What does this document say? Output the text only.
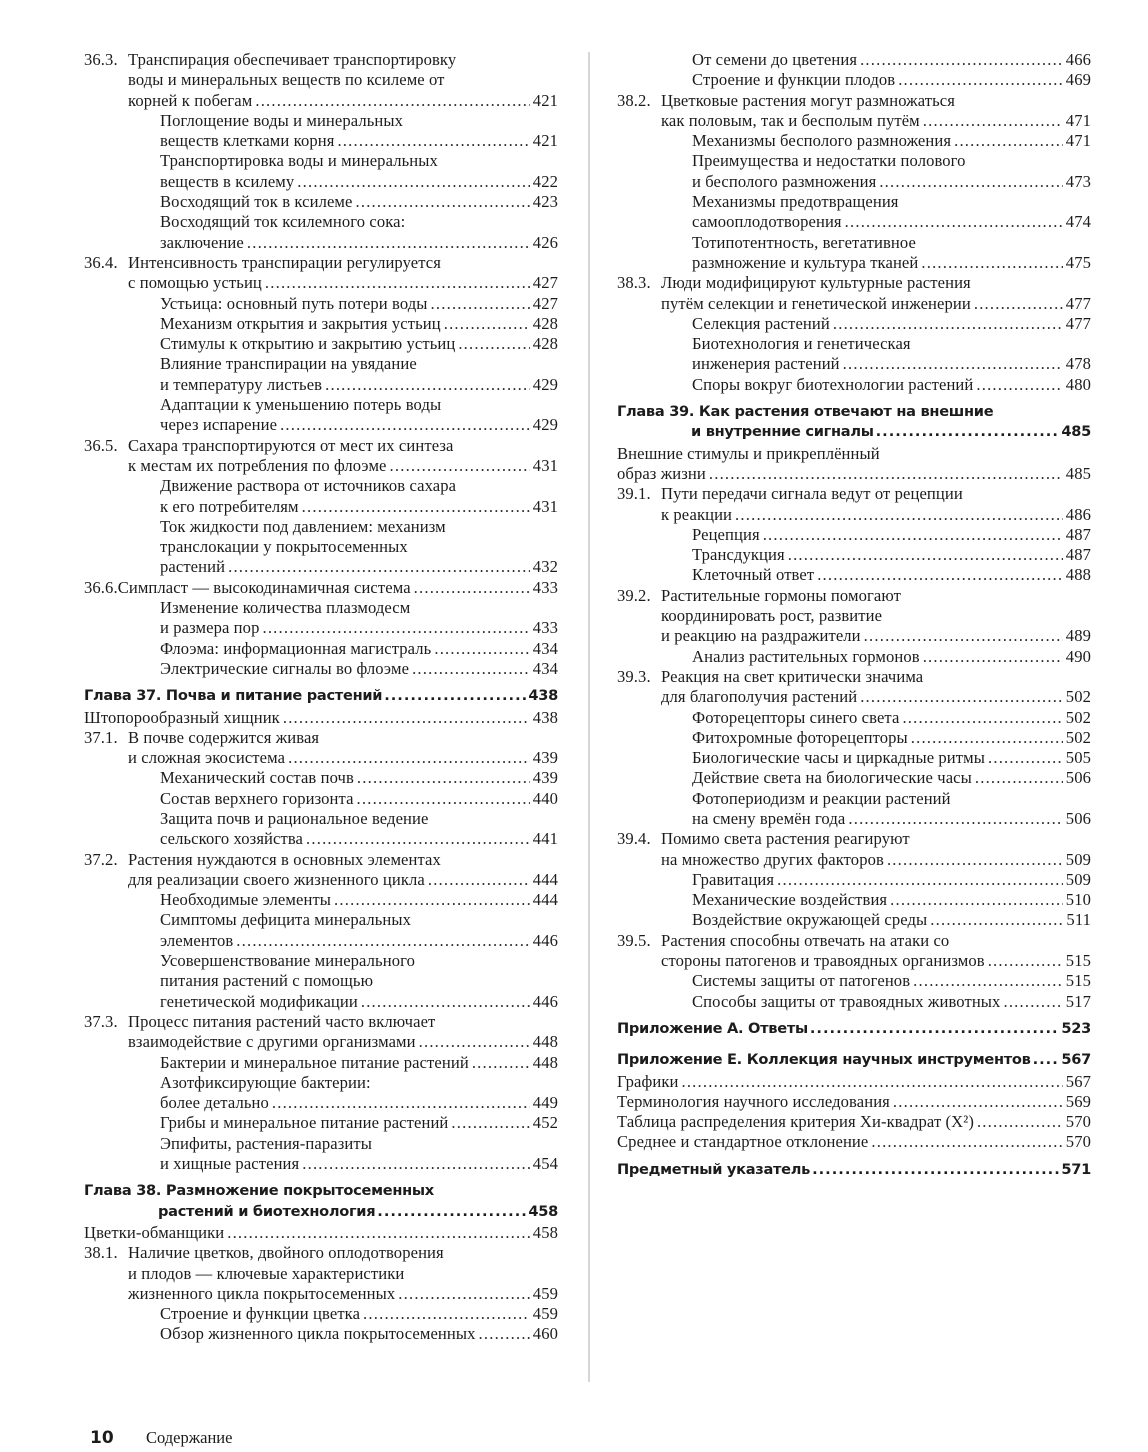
36.3. Транспирация обеспечивает транспортировку
воды и минеральных веществ по ксилеме от
корней к побегам .....	421
Поглощение воды и минеральных
веществ клетками корня .....	421
Транспортировка воды и минеральных
веществ в ксилему .....	422
Восходящий ток в ксилеме .....	423
Восходящий ток ксилемного сока:
заключение .....	426
36.4. Интенсивность транспирации регулируется
с помощью устьиц .....	427
Устьица: основный путь потери воды .....	427
Механизм открытия и закрытия устьиц .....	428
Стимулы к открытию и закрытию устьиц .....	428
Влияние транспирации на увядание
и температуру листьев .....	429
Адаптации к уменьшению потерь воды
через испарение .....	429
36.5. Сахара транспортируются от мест их синтеза
к местам их потребления по флоэме .....	431
Движение раствора от источников сахара
к его потребителям .....	431
Ток жидкости под давлением: механизм
транслокации у покрытосеменных
растений .....	432
36.6. Симпласт — высокодинамичная система .....	433
Изменение количества плазмодесм
и размера пор .....	433
Флоэма: информационная магистраль .....	434
Электрические сигналы во флоэме .....	434
Глава 37. Почва и питание растений .....	438
Штопорообразный хищник .....	438
37.1. В почве содержится живая
и сложная экосистема .....	439
Механический состав почв .....	439
Состав верхнего горизонта .....	440
Защита почв и рациональное ведение
сельского хозяйства .....	441
37.2. Растения нуждаются в основных элементах
для реализации своего жизненного цикла .....	444
Необходимые элементы .....	444
Симптомы дефицита минеральных
элементов .....	446
Усовершенствование минерального
питания растений с помощью
генетической модификации .....	446
37.3. Процесс питания растений часто включает
взаимодействие с другими организмами .....	448
Бактерии и минеральное питание растений .....	448
Азотфиксирующие бактерии:
более детально .....	449
Грибы и минеральное питание растений .....	452
Эпифиты, растения-паразиты
и хищные растения .....	454
Глава 38. Размножение покрытосеменных
растений и биотехнология .....	458
Цветки-обманщики .....	458
38.1. Наличие цветков, двойного оплодотворения
и плодов — ключевые характеристики
жизненного цикла покрытосеменных .....	459
Строение и функции цветка .....	459
Обзор жизненного цикла покрытосеменных .....	460
От семени до цветения .....	466
Строение и функции плодов .....	469
38.2. Цветковые растения могут размножаться
как половым, так и бесполым путём .....	471
Механизмы бесполого размножения .....	471
Преимущества и недостатки полового
и бесполого размножения .....	473
Механизмы предотвращения
самооплодотворения .....	474
Тотипотентность, вегетативное
размножение и культура тканей .....	475
38.3. Люди модифицируют культурные растения
путём селекции и генетической инженерии .....	477
Селекция растений .....	477
Биотехнология и генетическая
инженерия растений .....	478
Споры вокруг биотехнологии растений .....	480
Глава 39. Как растения отвечают на внешние
и внутренние сигналы .....	485
Внешние стимулы и прикреплённый
образ жизни .....	485
39.1. Пути передачи сигнала ведут от рецепции
к реакции .....	486
Рецепция .....	487
Трансдукция .....	487
Клеточный ответ .....	488
39.2. Растительные гормоны помогают
координировать рост, развитие
и реакцию на раздражители .....	489
Анализ растительных гормонов .....	490
39.3. Реакция на свет критически значима
для благополучия растений .....	502
Фоторецепторы синего света .....	502
Фитохромные фоторецепторы .....	502
Биологические часы и циркадные ритмы .....	505
Действие света на биологические часы .....	506
Фотопериодизм и реакции растений
на смену времён года .....	506
39.4. Помимо света растения реагируют
на множество других факторов .....	509
Гравитация .....	509
Механические воздействия .....	510
Воздействие окружающей среды .....	511
39.5. Растения способны отвечать на атаки со
стороны патогенов и травоядных организмов .....	515
Системы защиты от патогенов .....	515
Способы защиты от травоядных животных .....	517
Приложение А. Ответы .....	523
Приложение Е. Коллекция научных инструментов ..... 567
Графики .....	567
Терминология научного исследования .....	569
Таблица распределения критерия Хи-квадрат (Х²) .....	570
Среднее и стандартное отклонение .....	570
Предметный указатель .....	571
10	Содержание
